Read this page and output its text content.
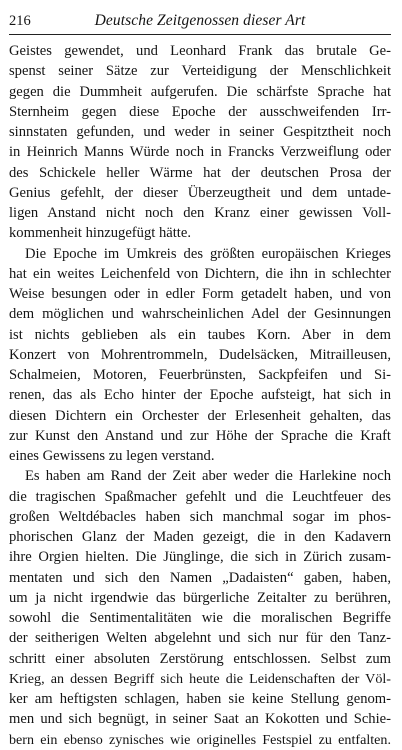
216	Deutsche Zeitgenossen dieser Art
Geistes gewendet, und Leonhard Frank das brutale Ge-
spenst seiner Sätze zur Verteidigung der Menschlichkeit
gegen die Dummheit aufgerufen. Die schärfste Sprache hat
Sternheim gegen diese Epoche der ausschweifenden Irr-
sinnstaten gefunden, und weder in seiner Gespitztheit noch
in Heinrich Manns Würde noch in Francks Verzweiflung oder
des Schickele heller Wärme hat der deutschen Prosa der
Genius gefehlt, der dieser Überzeugtheit und dem untade-
ligen Anstand nicht noch den Kranz einer gewissen Voll-
kommenheit hinzugefügt hätte.
Die Epoche im Umkreis des größten europäischen Krieges
hat ein weites Leichenfeld von Dichtern, die ihn in schlechter
Weise besungen oder in edler Form getadelt haben, und von
dem möglichen und wahrscheinlichen Adel der Gesinnungen
ist nichts geblieben als ein taubes Korn. Aber in dem
Konzert von Mohrentrommeln, Dudelsäcken, Mitrailleusen,
Schalmeien, Motoren, Feuerbrünsten, Sackpfeifen und Si-
renen, das als Echo hinter der Epoche aufsteigt, hat sich in
diesen Dichtern ein Orchester der Erlesenheit gehalten, das
zur Kunst den Anstand und zur Höhe der Sprache die Kraft
eines Gewissens zu legen verstand.
Es haben am Rand der Zeit aber weder die Harlekine noch
die tragischen Spaßmacher gefehlt und die Leuchtfeuer des
großen Weltdébacles haben sich manchmal sogar im phos-
phorischen Glanz der Maden gezeigt, die in den Kadavern
ihre Orgien hielten. Die Jünglinge, die sich in Zürich zusam-
mentaten und sich den Namen „Dadaisten“ gaben, haben,
um ja nicht irgendwie das bürgerliche Zeitalter zu berühren,
sowohl die Sentimentalitäten wie die moralischen Begriffe
der seitherigen Welten abgelehnt und sich nur für den Tanz-
schritt einer absoluten Zerstörung entschlossen. Selbst zum
Krieg, an dessen Begriff sich heute die Leidenschaften der Völ-
ker am heftigsten schlagen, haben sie keine Stellung genom-
men und sich begnügt, in seiner Saat an Kokotten und Schie-
bern ein ebenso zynisches wie originelles Festspiel zu entfalten.
